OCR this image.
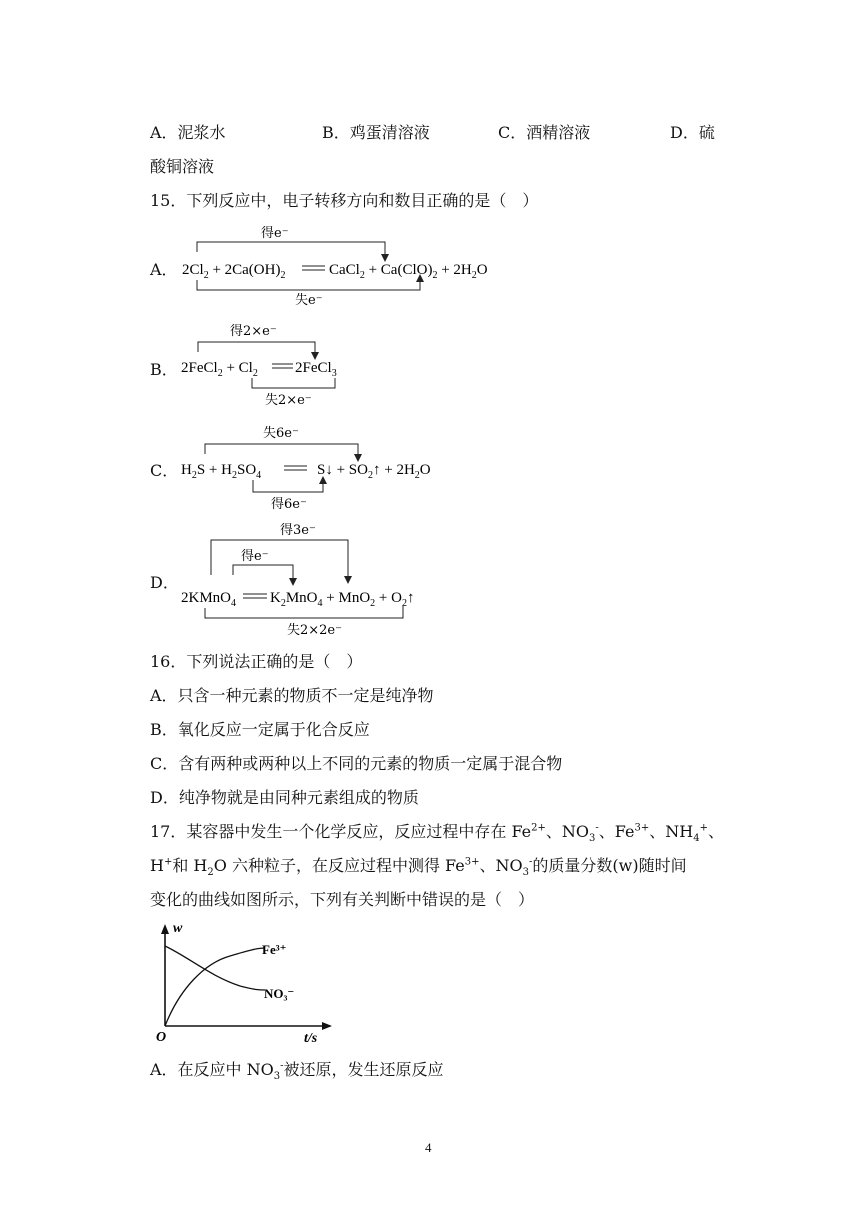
A．泥浆水	B．鸡蛋清溶液	C．酒精溶液	D．硫
酸铜溶液
15．下列反应中，电子转移方向和数目正确的是（　）
A．
得e⁻
失e⁻
$2Cl_2 + 2Ca(OH)_2$	CaCl$_2$ + $Ca(ClO)_2 + 2H_2O$
B．
得2×e⁻
失2×e⁻
2FeCl$_2$ + $Cl_2$ 2FeCl$_3$
C．
失6e⁻
得6e⁻
$H_2S + H_2SO_4$	S↓ + $SO_2↑ + 2H_2O$
D．
得3e⁻
得e⁻
失2×2e⁻
2KMnO$_4$ $K_2MnO_4 + MnO_2$ + $O_2↑$
16．下列说法正确的是（　）
A．只含一种元素的物质不一定是纯净物
B．氧化反应一定属于化合反应
C．含有两种或两种以上不同的元素的物质一定属于混合物
D．纯净物就是由同种元素组成的物质
17．某容器中发生一个化学反应，反应过程中存在 $Fe^{2+}$、$NO_3^-$、$Fe^{3+}$、$NH_4^+$、
H+和 $H_2O$ 六种粒子，在反应过程中测得 $Fe^{3+}$、$NO_3^-$的质量分数(w)随时间
变化的曲线如图所示，下列有关判断中错误的是（　）
w
t/s
O
Fe³⁺
NO₃⁻
A．在反应中 $NO_3^-$被还原，发生还原反应
4
